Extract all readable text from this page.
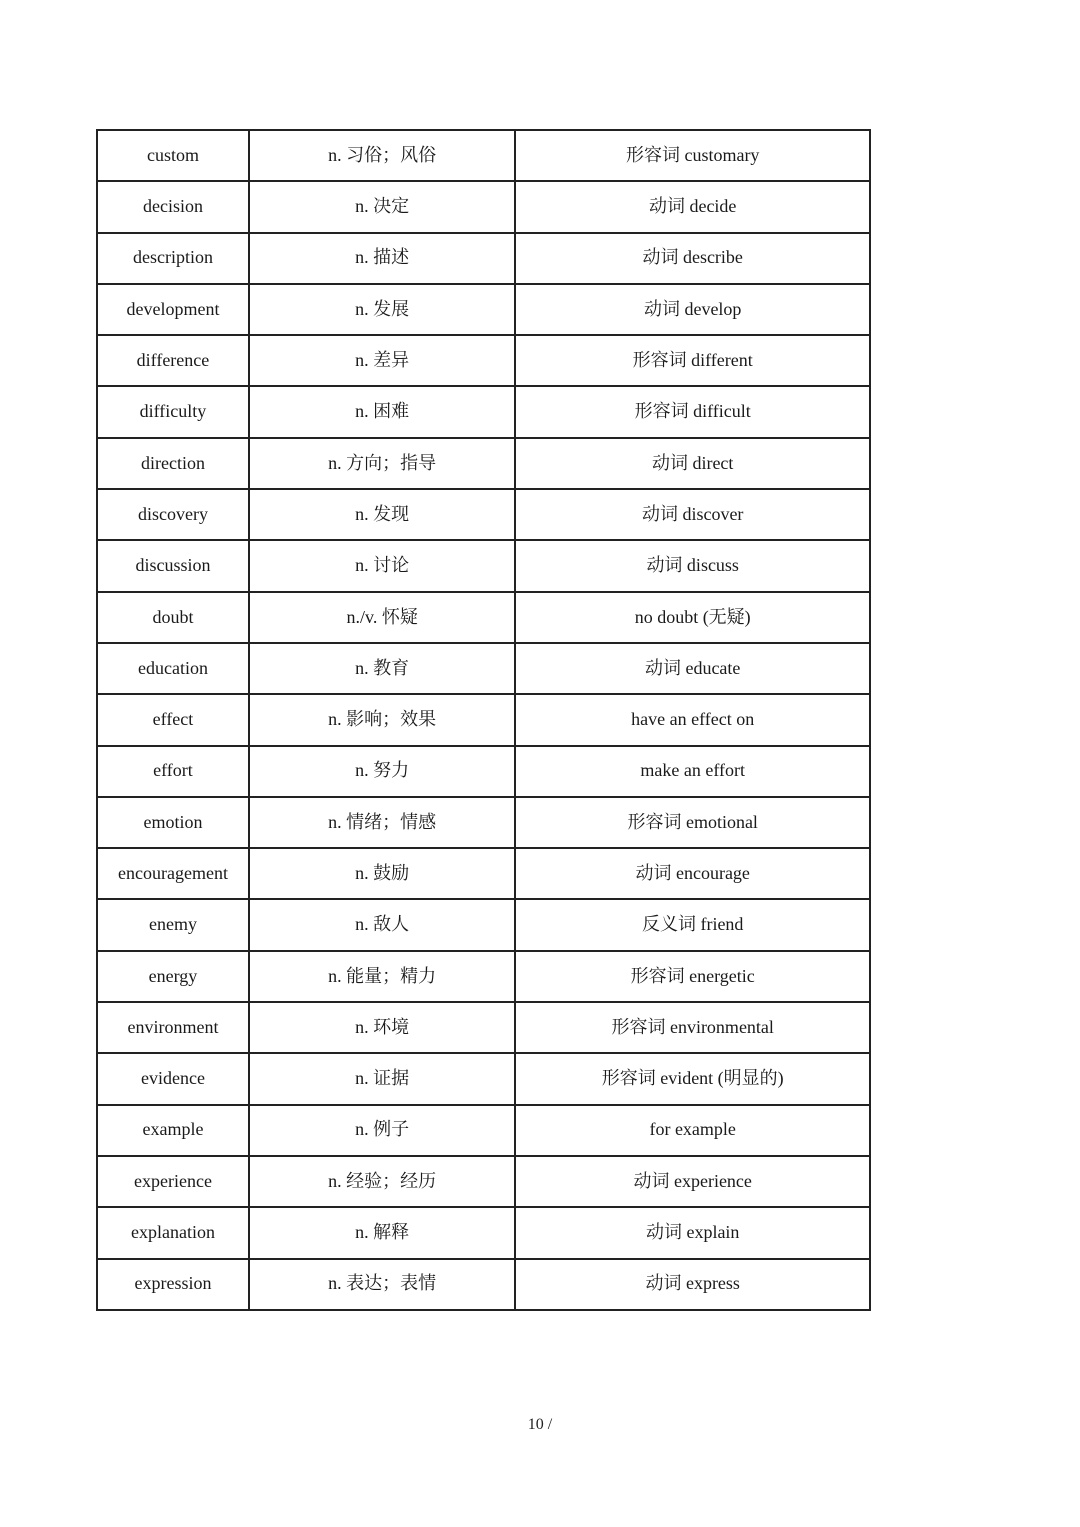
custom	n. 习俗；风俗	形容词 customary
decision	n. 决定	动词 decide
description	n. 描述	动词 describe
development	n. 发展	动词 develop
difference	n. 差异	形容词 different
difficulty	n. 困难	形容词 difficult
direction	n. 方向；指导	动词 direct
discovery	n. 发现	动词 discover
discussion	n. 讨论	动词 discuss
doubt	n./v. 怀疑	no doubt (无疑)
education	n. 教育	动词 educate
effect	n. 影响；效果	have an effect on
effort	n. 努力	make an effort
emotion	n. 情绪；情感	形容词 emotional
encouragement	n. 鼓励	动词 encourage
enemy	n. 敌人	反义词 friend
energy	n. 能量；精力	形容词 energetic
environment	n. 环境	形容词 environmental
evidence	n. 证据	形容词 evident (明显的)
example	n. 例子	for example
experience	n. 经验；经历	动词 experience
explanation	n. 解释	动词 explain
expression	n. 表达；表情	动词 express
10 /
